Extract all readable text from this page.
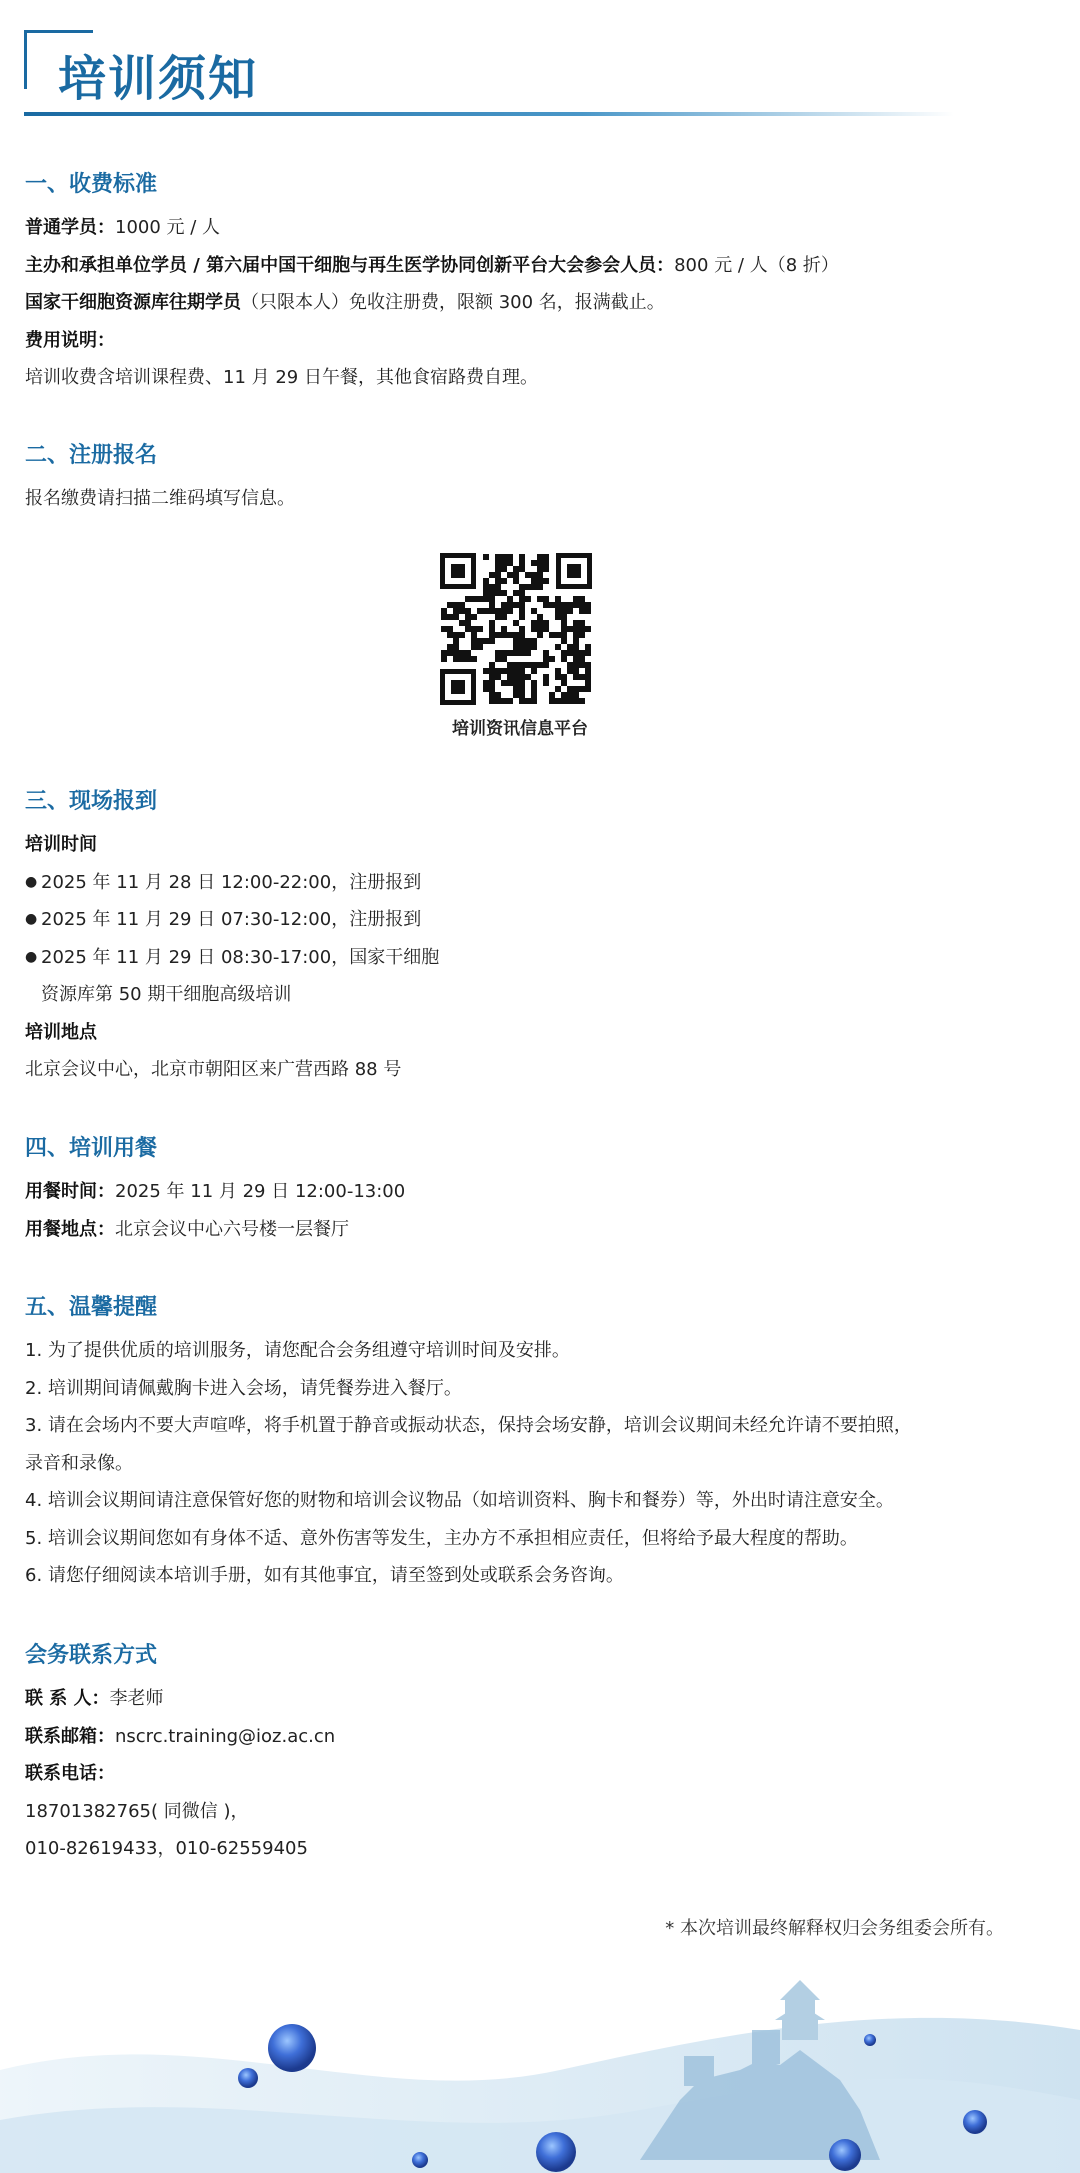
培训须知
一、收费标准
普通学员：1000 元 / 人
主办和承担单位学员 / 第六届中国干细胞与再生医学协同创新平台大会参会人员：800 元 / 人（8 折）
国家干细胞资源库往期学员（只限本人）免收注册费，限额 300 名，报满截止。
费用说明：
培训收费含培训课程费、11 月 29 日午餐，其他食宿路费自理。
二、注册报名
报名缴费请扫描二维码填写信息。
培训资讯信息平台
三、现场报到
培训时间
● 2025 年 11 月 28 日 12:00-22:00，注册报到
● 2025 年 11 月 29 日 07:30-12:00，注册报到
● 2025 年 11 月 29 日 08:30-17:00，国家干细胞
资源库第 50 期干细胞高级培训
培训地点
北京会议中心，北京市朝阳区来广营西路 88 号
四、培训用餐
用餐时间：2025 年 11 月 29 日 12:00-13:00
用餐地点：北京会议中心六号楼一层餐厅
五、温馨提醒
1. 为了提供优质的培训服务，请您配合会务组遵守培训时间及安排。
2. 培训期间请佩戴胸卡进入会场，请凭餐券进入餐厅。
3. 请在会场内不要大声喧哗，将手机置于静音或振动状态，保持会场安静，培训会议期间未经允许请不要拍照，
录音和录像。
4. 培训会议期间请注意保管好您的财物和培训会议物品（如培训资料、胸卡和餐券）等，外出时请注意安全。
5. 培训会议期间您如有身体不适、意外伤害等发生，主办方不承担相应责任，但将给予最大程度的帮助。
6. 请您仔细阅读本培训手册，如有其他事宜，请至签到处或联系会务咨询。
会务联系方式
联 系 人：李老师
联系邮箱：nscrc.training@ioz.ac.cn
联系电话：
18701382765( 同微信 )，
010-82619433，010-62559405
* 本次培训最终解释权归会务组委会所有。
